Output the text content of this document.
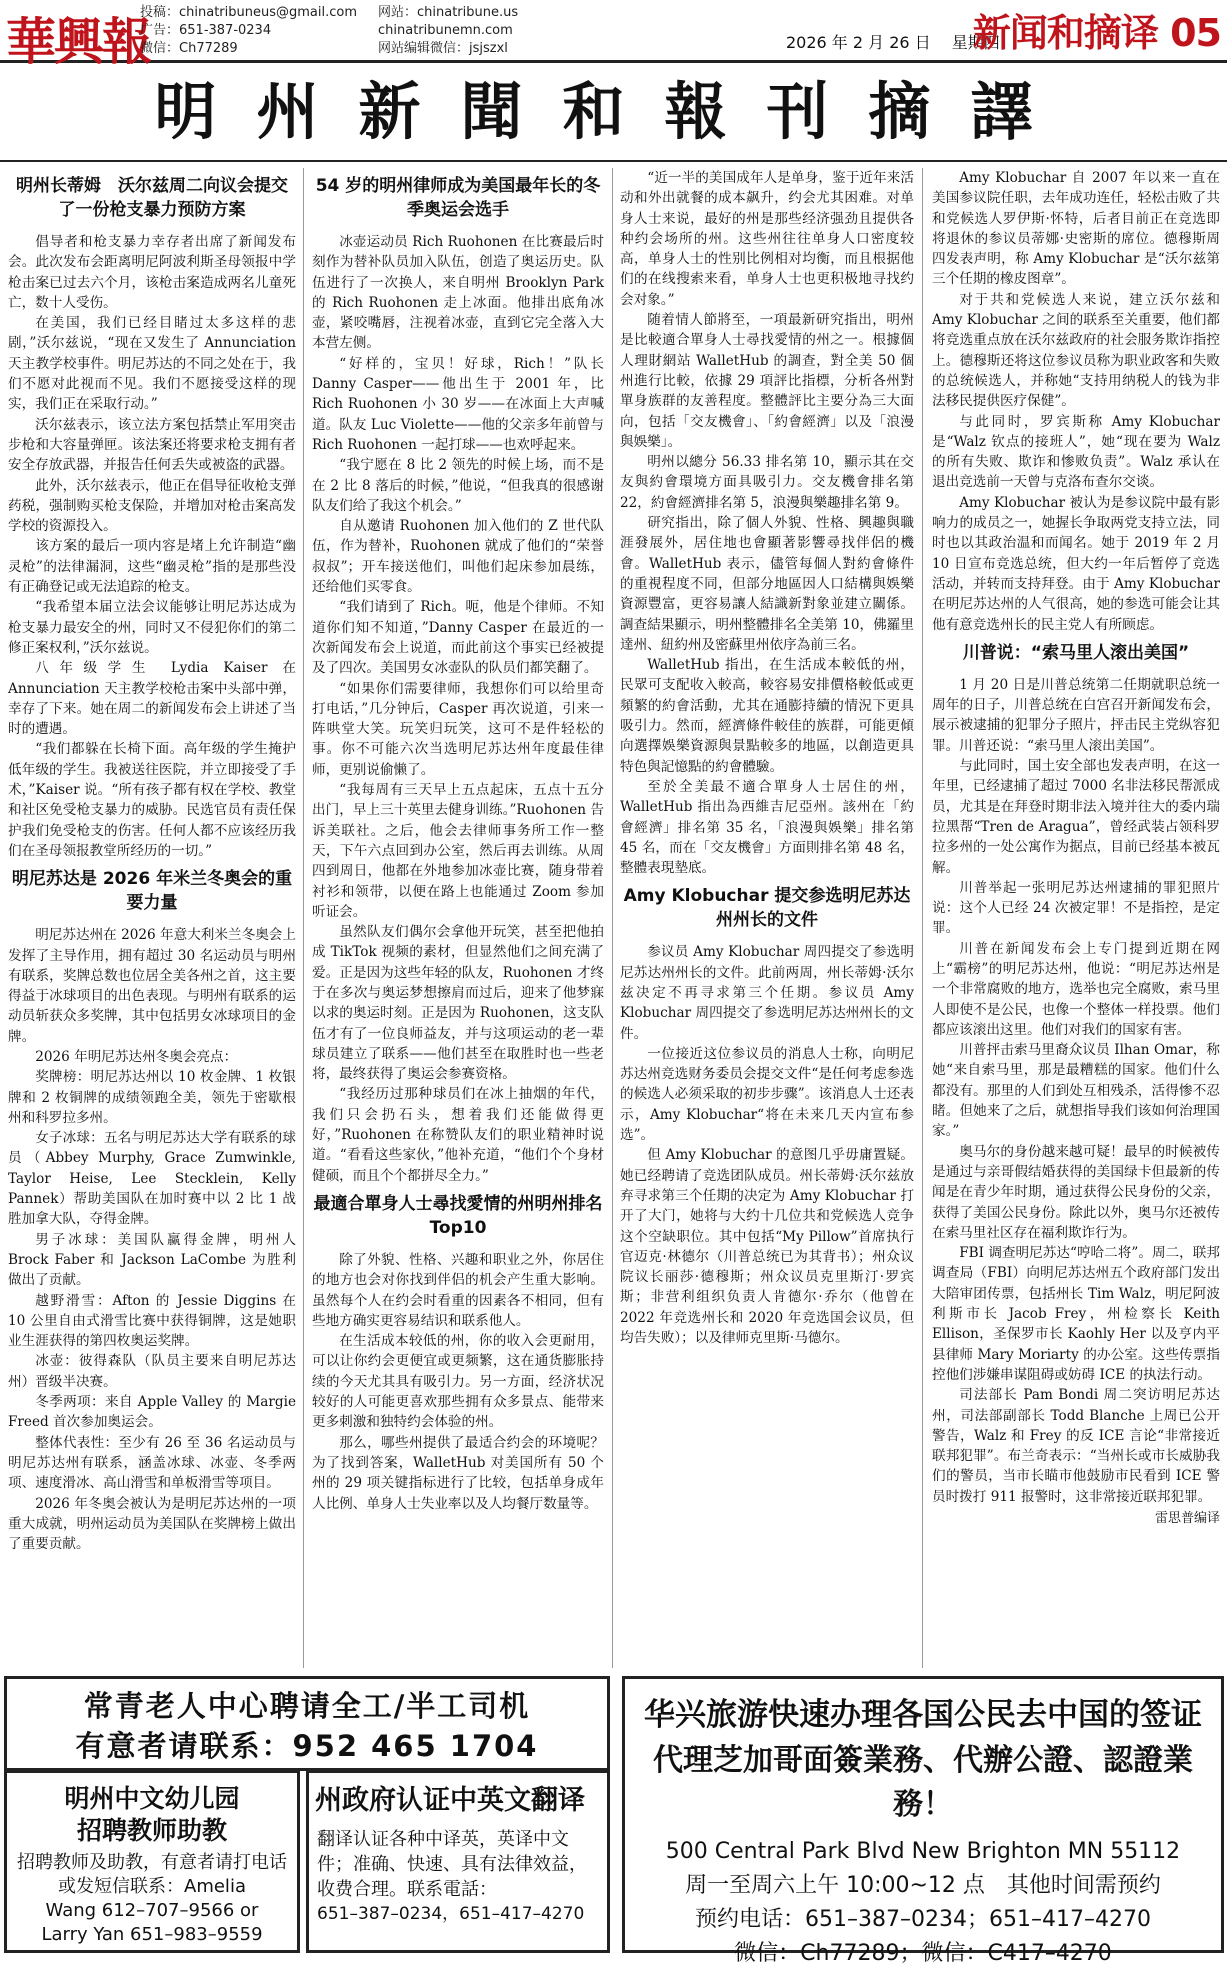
華興報
投稿：chinatribuneus@gmail.com
广告：651-387-0234
微信：Ch77289
网站：chinatribune.us
chinatribunemn.com
网站编辑微信：jsjszxl	2026 年 2 月 26 日　 星期四
新闻和摘译 05
明州新聞和報刊摘譯
明州长蒂姆　沃尔兹周二向议会提交了一份枪支暴力预防方案

倡导者和枪支暴力幸存者出席了新闻发布会。此次发布会距离明尼阿波利斯圣母领报中学枪击案已过去六个月，该枪击案造成两名儿童死亡，数十人受伤。

在美国，我们已经目睹过太多这样的悲剧，”沃尔兹说，“现在又发生了 Annunciation 天主教学校事件。明尼苏达的不同之处在于，我们不愿对此视而不见。我们不愿接受这样的现实，我们正在采取行动。”

沃尔兹表示，该立法方案包括禁止军用突击步枪和大容量弹匣。该法案还将要求枪支拥有者安全存放武器，并报告任何丢失或被盗的武器。

此外，沃尔兹表示，他正在倡导征收枪支弹药税，强制购买枪支保险，并增加对枪击案高发学校的资源投入。

该方案的最后一项内容是堵上允许制造“幽灵枪”的法律漏洞，这些“幽灵枪”指的是那些没有正确登记或无法追踪的枪支。

“我希望本届立法会议能够让明尼苏达成为枪支暴力最安全的州，同时又不侵犯你们的第二修正案权利，”沃尔兹说。

八年级学生 Lydia Kaiser 在 Annunciation 天主教学校枪击案中头部中弹，幸存了下来。她在周二的新闻发布会上讲述了当时的遭遇。

“我们都躲在长椅下面。高年级的学生掩护低年级的学生。我被送往医院，并立即接受了手术，”Kaiser 说。“所有孩子都有权在学校、教堂和社区免受枪支暴力的威胁。民选官员有责任保护我们免受枪支的伤害。任何人都不应该经历我们在圣母领报教堂所经历的一切。”

明尼苏达是 2026 年米兰冬奥会的重要力量

明尼苏达州在 2026 年意大利米兰冬奥会上发挥了主导作用，拥有超过 30 名运动员与明州有联系，奖牌总数也位居全美各州之首，这主要得益于冰球项目的出色表现。与明州有联系的运动员斩获众多奖牌，其中包括男女冰球项目的金牌。

2026 年明尼苏达州冬奥会亮点：

奖牌榜：明尼苏达州以 10 枚金牌、1 枚银牌和 2 枚铜牌的成绩领跑全美，领先于密歇根州和科罗拉多州。

女子冰球：五名与明尼苏达大学有联系的球员（Abbey Murphy, Grace Zumwinkle, Taylor Heise, Lee Stecklein, Kelly Pannek）帮助美国队在加时赛中以 2 比 1 战胜加拿大队，夺得金牌。

男子冰球：美国队赢得金牌，明州人 Brock Faber 和 Jackson LaCombe 为胜利做出了贡献。

越野滑雪：Afton 的 Jessie Diggins 在 10 公里自由式滑雪比赛中获得铜牌，这是她职业生涯获得的第四枚奥运奖牌。

冰壶：彼得森队（队员主要来自明尼苏达州）晋级半决赛。

冬季两项：来自 Apple Valley 的 Margie Freed 首次参加奥运会。

整体代表性：至少有 26 至 36 名运动员与明尼苏达州有联系，涵盖冰球、冰壶、冬季两项、速度滑冰、高山滑雪和单板滑雪等项目。

2026 年冬奥会被认为是明尼苏达州的一项重大成就，明州运动员为美国队在奖牌榜上做出了重要贡献。

54 岁的明州律师成为美国最年长的冬季奥运会选手

冰壶运动员 Rich Ruohonen 在比赛最后时刻作为替补队员加入队伍，创造了奥运历史。队伍进行了一次换人，来自明州 Brooklyn Park 的 Rich Ruohonen 走上冰面。他排出底角冰壶，紧咬嘴唇，注视着冰壶，直到它完全落入大本营左侧。

“好样的，宝贝！好球，Rich！”队长 Danny Casper——他出生于 2001 年，比 Rich Ruohonen 小 30 岁——在冰面上大声喊道。队友 Luc Violette——他的父亲多年前曾与 Rich Ruohonen 一起打球——也欢呼起来。

“我宁愿在 8 比 2 领先的时候上场，而不是在 2 比 8 落后的时候，”他说，“但我真的很感谢队友们给了我这个机会。”

自从邀请 Ruohonen 加入他们的 Z 世代队伍，作为替补，Ruohonen 就成了他们的“荣誉叔叔”；开车接送他们，叫他们起床参加晨练，还给他们买零食。

“我们请到了 Rich。呃，他是个律师。不知道你们知不知道，”Danny Casper 在最近的一次新闻发布会上说道，而此前这个事实已经被提及了四次。美国男女冰壶队的队员们都笑翻了。

“如果你们需要律师，我想你们可以给里奇打电话，”几分钟后，Casper 再次说道，引来一阵哄堂大笑。玩笑归玩笑，这可不是件轻松的事。你不可能六次当选明尼苏达州年度最佳律师，更别说偷懒了。

“我每周有三天早上五点起床，五点十五分出门，早上三十英里去健身训练。”Ruohonen 告诉美联社。之后，他会去律师事务所工作一整天，下午六点回到办公室，然后再去训练。从周四到周日，他都在外地参加冰壶比赛，随身带着衬衫和领带，以便在路上也能通过 Zoom 参加听证会。

虽然队友们偶尔会拿他开玩笑，甚至把他拍成 TikTok 视频的素材，但显然他们之间充满了爱。正是因为这些年轻的队友，Ruohonen 才终于在多次与奥运梦想擦肩而过后，迎来了他梦寐以求的奥运时刻。正是因为 Ruohonen，这支队伍才有了一位良师益友，并与这项运动的老一辈球员建立了联系——他们甚至在取胜时也一些老将，最终获得了奥运会参赛资格。

“我经历过那种球员们在冰上抽烟的年代，我们只会扔石头，想着我们还能做得更好，”Ruohonen 在称赞队友们的职业精神时说道。“看看这些家伙，”他补充道，“他们个个身材健硕，而且个个都拼尽全力。”

最適合單身人士尋找愛情的州明州排名 Top10

除了外貌、性格、兴趣和职业之外，你居住的地方也会对你找到伴侣的机会产生重大影响。虽然每个人在约会时看重的因素各不相同，但有些地方确实更容易结识和联系他人。

在生活成本较低的州，你的收入会更耐用，可以让你约会更便宜或更频繁，这在通货膨胀持续的今天尤其具有吸引力。另一方面，经济状况较好的人可能更喜欢那些拥有众多景点、能带来更多刺激和独特约会体验的州。

那么，哪些州提供了最适合约会的环境呢？为了找到答案，WalletHub 对美国所有 50 个州的 29 项关键指标进行了比较，包括单身成年人比例、单身人士失业率以及人均餐厅数量等。

“近一半的美国成年人是单身，鉴于近年来活动和外出就餐的成本飙升，约会尤其困难。对单身人士来说，最好的州是那些经济强劲且提供各种约会场所的州。这些州往往单身人口密度较高，单身人士的性别比例相对均衡，而且根据他们的在线搜索来看，单身人士也更积极地寻找约会对象。”

随着情人節將至，一項最新研究指出，明州是比較適合單身人士尋找愛情的州之一。根據個人理財網站 WalletHub 的調查，對全美 50 個州進行比較，依據 29 項評比指標，分析各州對單身族群的友善程度。整體評比主要分為三大面向，包括「交友機會」、「約會經濟」以及「浪漫與娛樂」。

明州以總分 56.33 排名第 10，顯示其在交友與約會環境方面具吸引力。交友機會排名第 22，約會經濟排名第 5，浪漫與樂趣排名第 9。

研究指出，除了個人外貌、性格、興趣與職涯發展外，居住地也會顯著影響尋找伴侶的機會。WalletHub 表示，儘管每個人對約會條件的重視程度不同，但部分地區因人口結構與娛樂資源豐富，更容易讓人結識新對象並建立關係。調查結果顯示，明州整體排名全美第 10，佛羅里達州、紐約州及密蘇里州依序為前三名。

WalletHub 指出，在生活成本較低的州，民眾可支配收入較高，較容易安排價格較低或更頻繁的約會活動，尤其在通膨持續的情況下更具吸引力。然而，經濟條件較佳的族群，可能更傾向選擇娛樂資源與景點較多的地區，以創造更具特色與記憶點的約會體驗。

至於全美最不適合單身人士居住的州，WalletHub 指出為西維吉尼亞州。該州在「約會經濟」排名第 35 名，「浪漫與娛樂」排名第 45 名，而在「交友機會」方面則排名第 48 名，整體表現墊底。

Amy Klobuchar 提交参选明尼苏达州州长的文件

参议员 Amy Klobuchar 周四提交了参选明尼苏达州州长的文件。此前两周，州长蒂姆·沃尔兹决定不再寻求第三个任期。参议员 Amy Klobuchar 周四提交了参选明尼苏达州州长的文件。

一位接近这位参议员的消息人士称，向明尼苏达州竞选财务委员会提交文件“是任何考虑参选的候选人必须采取的初步步骤”。该消息人士还表示，Amy Klobuchar“将在未来几天内宣布参选”。

但 Amy Klobuchar 的意图几乎毋庸置疑。她已经聘请了竞选团队成员。州长蒂姆·沃尔兹放弃寻求第三个任期的决定为 Amy Klobuchar 打开了大门，她将与大约十几位共和党候选人竞争这个空缺职位。其中包括“My Pillow”首席执行官迈克·林德尔（川普总统已为其背书）；州众议院议长丽莎·德穆斯；州众议员克里斯汀·罗宾斯；非营利组织负责人肯德尔·乔尔（他曾在 2022 年竞选州长和 2020 年竞选国会议员，但均告失败）；以及律师克里斯·马德尔。

Amy Klobuchar 自 2007 年以来一直在美国参议院任职，去年成功连任，轻松击败了共和党候选人罗伊斯·怀特，后者目前正在竞选即将退休的参议员蒂娜·史密斯的席位。德穆斯周四发表声明，称 Amy Klobuchar 是“沃尔兹第三个任期的橡皮图章”。

对于共和党候选人来说，建立沃尔兹和 Amy Klobuchar 之间的联系至关重要，他们都将竞选重点放在沃尔兹政府的社会服务欺诈指控上。德穆斯还将这位参议员称为职业政客和失败的总统候选人，并称她“支持用纳税人的钱为非法移民提供医疗保健”。

与此同时，罗宾斯称 Amy Klobuchar 是“Walz 钦点的接班人”，她“现在要为 Walz 的所有失败、欺诈和惨败负责”。Walz 承认在退出竞选前一天曾与克洛布查尔交谈。

Amy Klobuchar 被认为是参议院中最有影响力的成员之一，她握长争取两党支持立法，同时也以其政治温和而闻名。她于 2019 年 2 月 10 日宣布竞选总统，但大约一年后暂停了竞选活动，并转而支持拜登。由于 Amy Klobuchar 在明尼苏达州的人气很高，她的参选可能会让其他有意竞选州长的民主党人有所顾虑。

川普说：“索马里人滚出美国”

1 月 20 日是川普总统第二任期就职总统一周年的日子，川普总统在白宫召开新闻发布会，展示被逮捕的犯罪分子照片，抨击民主党纵容犯罪。川普还说：“索马里人滚出美国”。

与此同时，国土安全部也发表声明，在这一年里，已经逮捕了超过 7000 名非法移民帮派成员，尤其是在拜登时期非法入境并往大的委内瑞拉黑帮“Tren de Aragua”，曾经武装占领科罗拉多州的一处公寓作为据点，目前已经基本被瓦解。

川普举起一张明尼苏达州逮捕的罪犯照片说：这个人已经 24 次被定罪！不是指控，是定罪。

川普在新闻发布会上专门提到近期在网上“霸榜”的明尼苏达州，他说：“明尼苏达州是一个非常腐败的地方，选举也完全腐败，索马里人即使不是公民，也像一个整体一样投票。他们都应该滚出这里。他们对我们的国家有害。

川普抨击索马里裔众议员 Ilhan Omar，称她“来自索马里，那是最糟糕的国家。他们什么都没有。那里的人们到处互相残杀，活得惨不忍睹。但她来了之后，就想指导我们该如何治理国家。”

奥马尔的身份越来越可疑！最早的时候被传是通过与亲哥假结婚获得的美国绿卡但最新的传闻是在青少年时期，通过获得公民身份的父亲，获得了美国公民身份。除此以外，奥马尔还被传在索马里社区存在福利欺诈行为。

FBI 调查明尼苏达“哼哈二将”。周二，联邦调查局（FBI）向明尼苏达州五个政府部门发出大陪审团传票，包括州长 Tim Walz，明尼阿波利斯市长 Jacob Frey，州检察长 Keith Ellison，圣保罗市长 Kaohly Her 以及亨内平县律师 Mary Moriarty 的办公室。这些传票指控他们涉嫌串谋阻碍或妨碍 ICE 的执法行动。

司法部长 Pam Bondi 周二突访明尼苏达州，司法部副部长 Todd Blanche 上周已公开警告，Walz 和 Frey 的反 ICE 言论“非常接近联邦犯罪”。布兰奇表示：“当州长或市长威胁我们的警员，当市长瞄市他鼓励市民看到 ICE 警员时拨打 911 报警时，这非常接近联邦犯罪。

雷思普编译
常青老人中心聘请全工/半工司机
有意者请联系：952 465 1704
明州中文幼儿园
招聘教师助教
招聘教师及助教，有意者请打电话或发短信联系：Amelia
Wang 612–707–9566 or
Larry Yan 651–983–9559
州政府认证中英文翻译
翻译认证各种中译英，英译中文件；准确、快速、具有法律效益，收费合理。联系電話：
651–387–0234，651–417–4270
华兴旅游快速办理各国公民去中国的签证
代理芝加哥面簽業務、代辦公證、認證業務！
500 Central Park Blvd New Brighton MN 55112
周一至周六上午 10:00~12 点　其他时间需预约
预约电话：651–387–0234；651–417–4270
微信：Ch77289；微信：C417–4270
